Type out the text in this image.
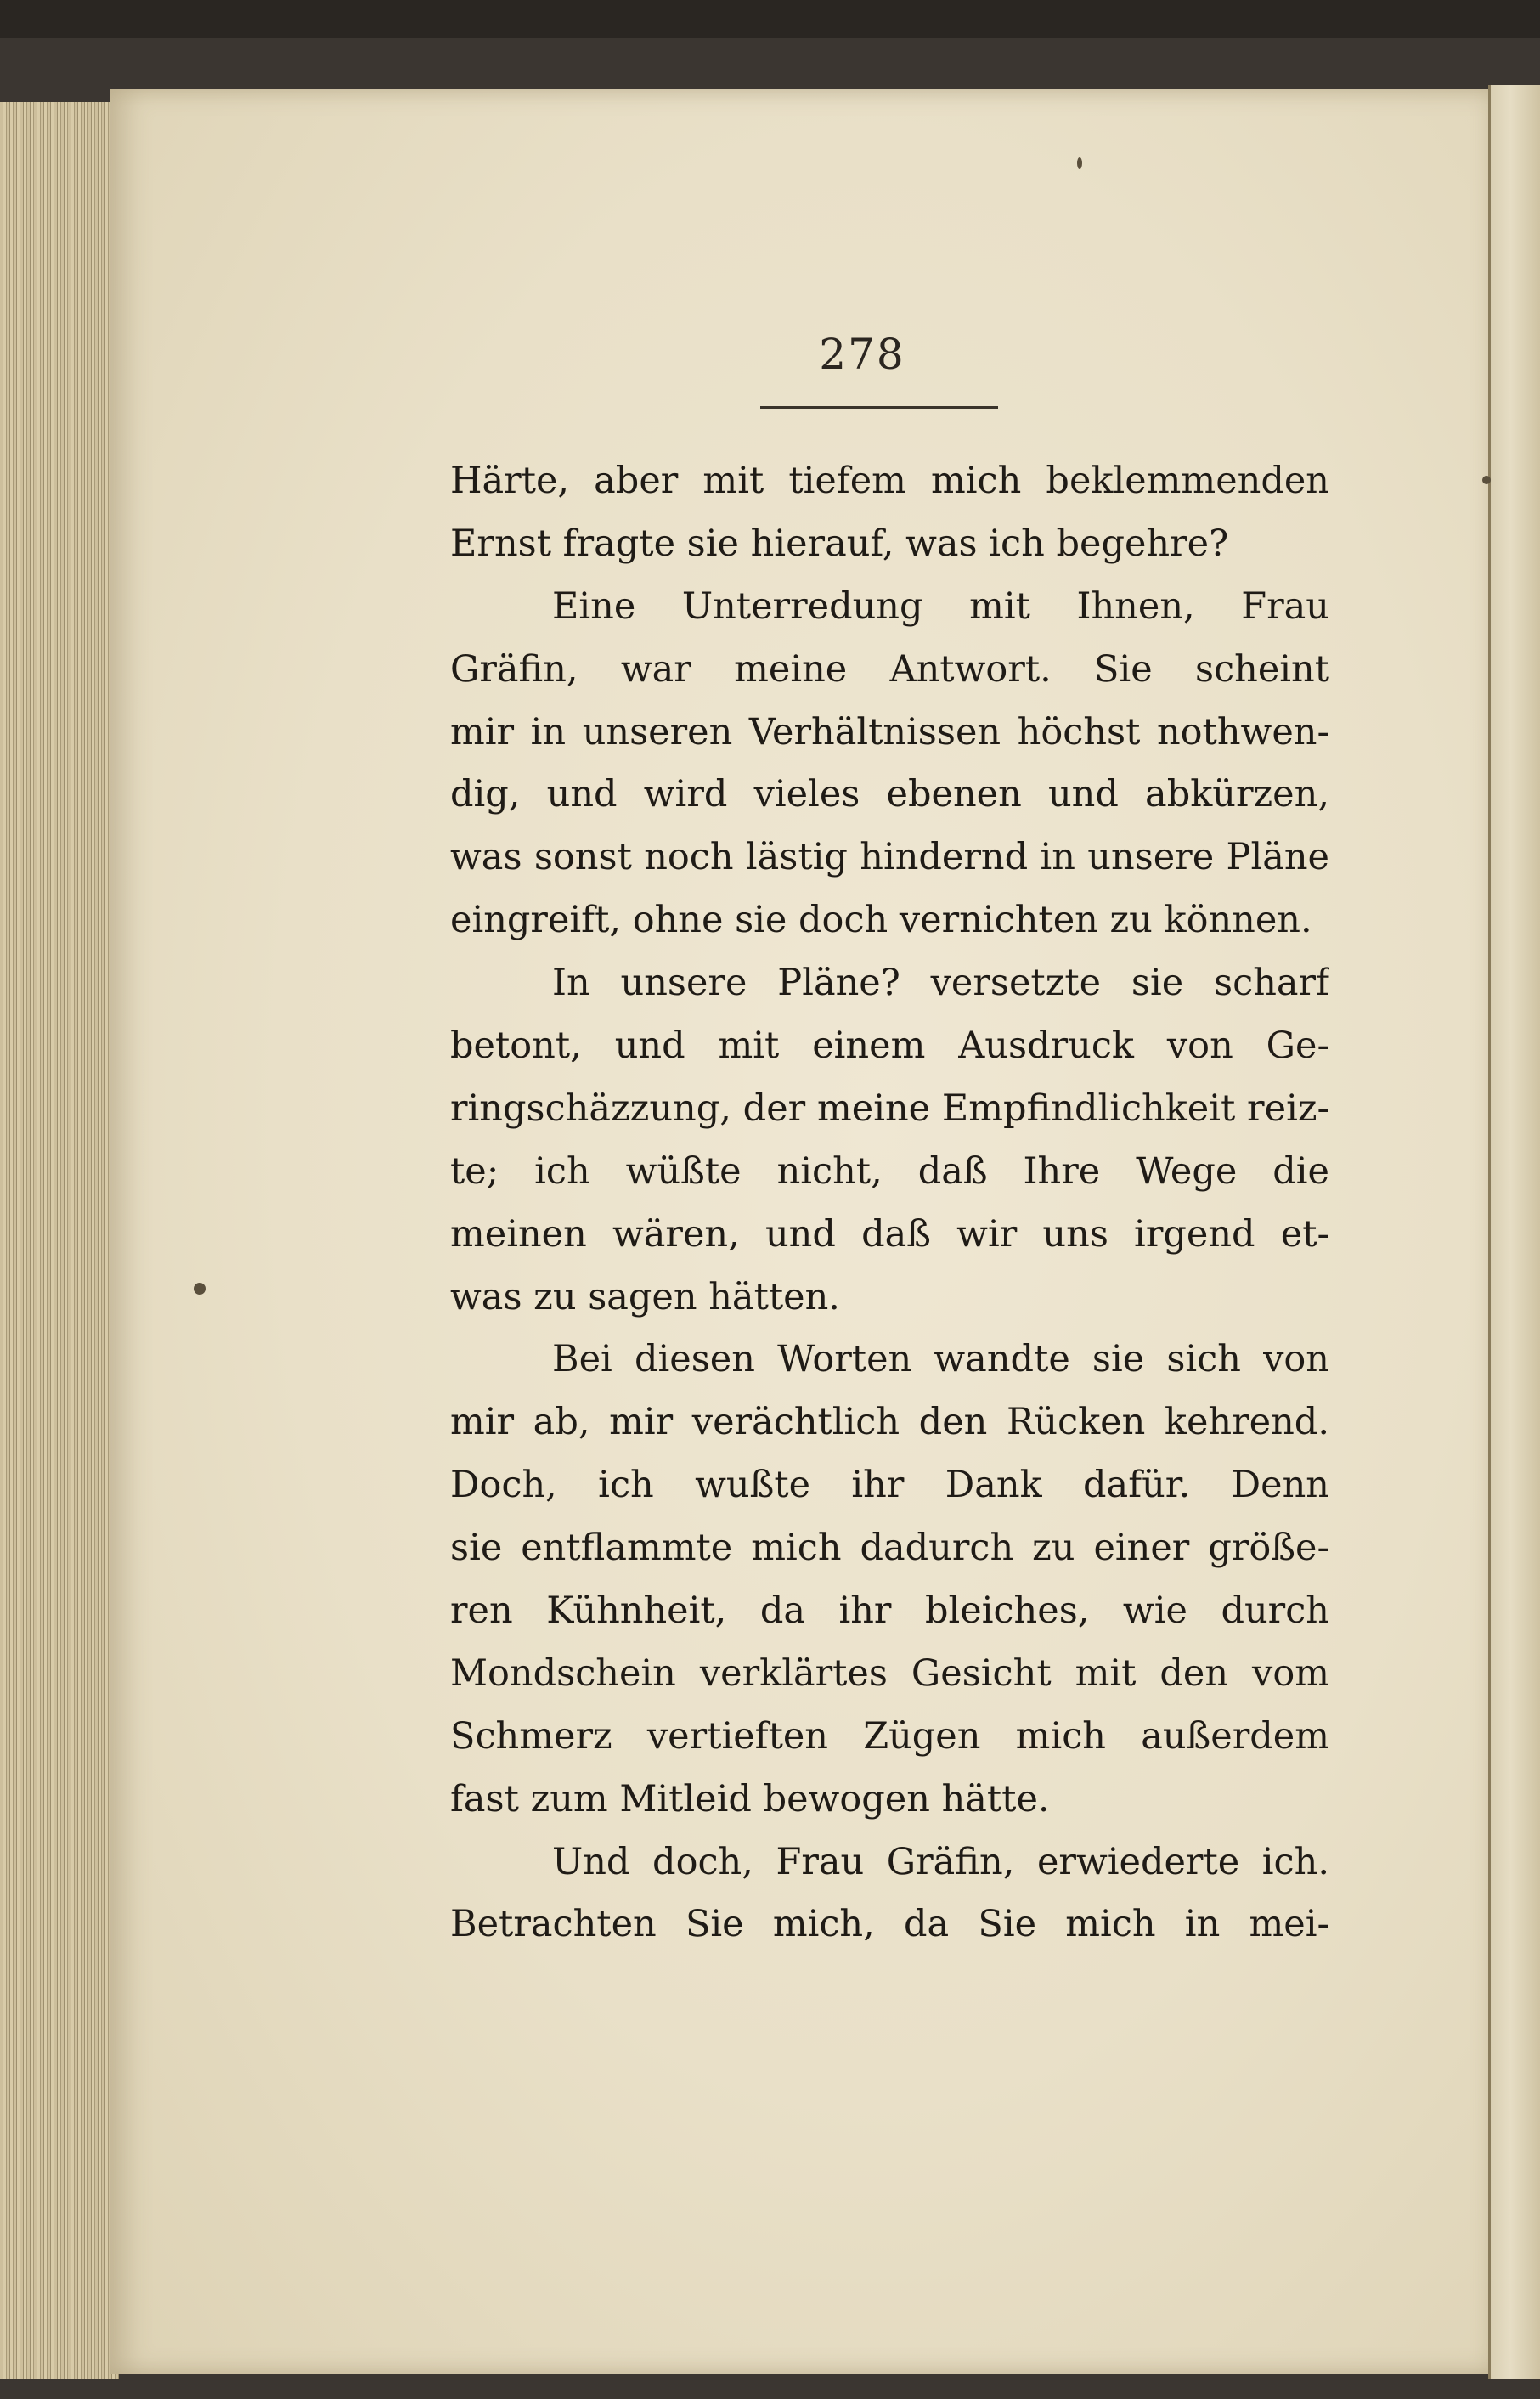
278
Härte, aber mit tiefem mich beklemmenden
Ernst fragte sie hierauf, was ich begehre?
Eine Unterredung mit Ihnen, Frau
Gräfin, war meine Antwort. Sie scheint
mir in unseren Verhältnissen höchst nothwen-
dig, und wird vieles ebenen und abkürzen,
was sonst noch lästig hindernd in unsere Pläne
eingreift, ohne sie doch vernichten zu können.
In unsere Pläne? versetzte sie scharf
betont, und mit einem Ausdruck von Ge-
ringschäzzung, der meine Empfindlichkeit reiz-
te; ich wüßte nicht, daß Ihre Wege die
meinen wären, und daß wir uns irgend et-
was zu sagen hätten.
Bei diesen Worten wandte sie sich von
mir ab, mir verächtlich den Rücken kehrend.
Doch, ich wußte ihr Dank dafür. Denn
sie entflammte mich dadurch zu einer größe-
ren Kühnheit, da ihr bleiches, wie durch
Mondschein verklärtes Gesicht mit den vom
Schmerz vertieften Zügen mich außerdem
fast zum Mitleid bewogen hätte.
Und doch, Frau Gräfin, erwiederte ich.
Betrachten Sie mich, da Sie mich in mei-
